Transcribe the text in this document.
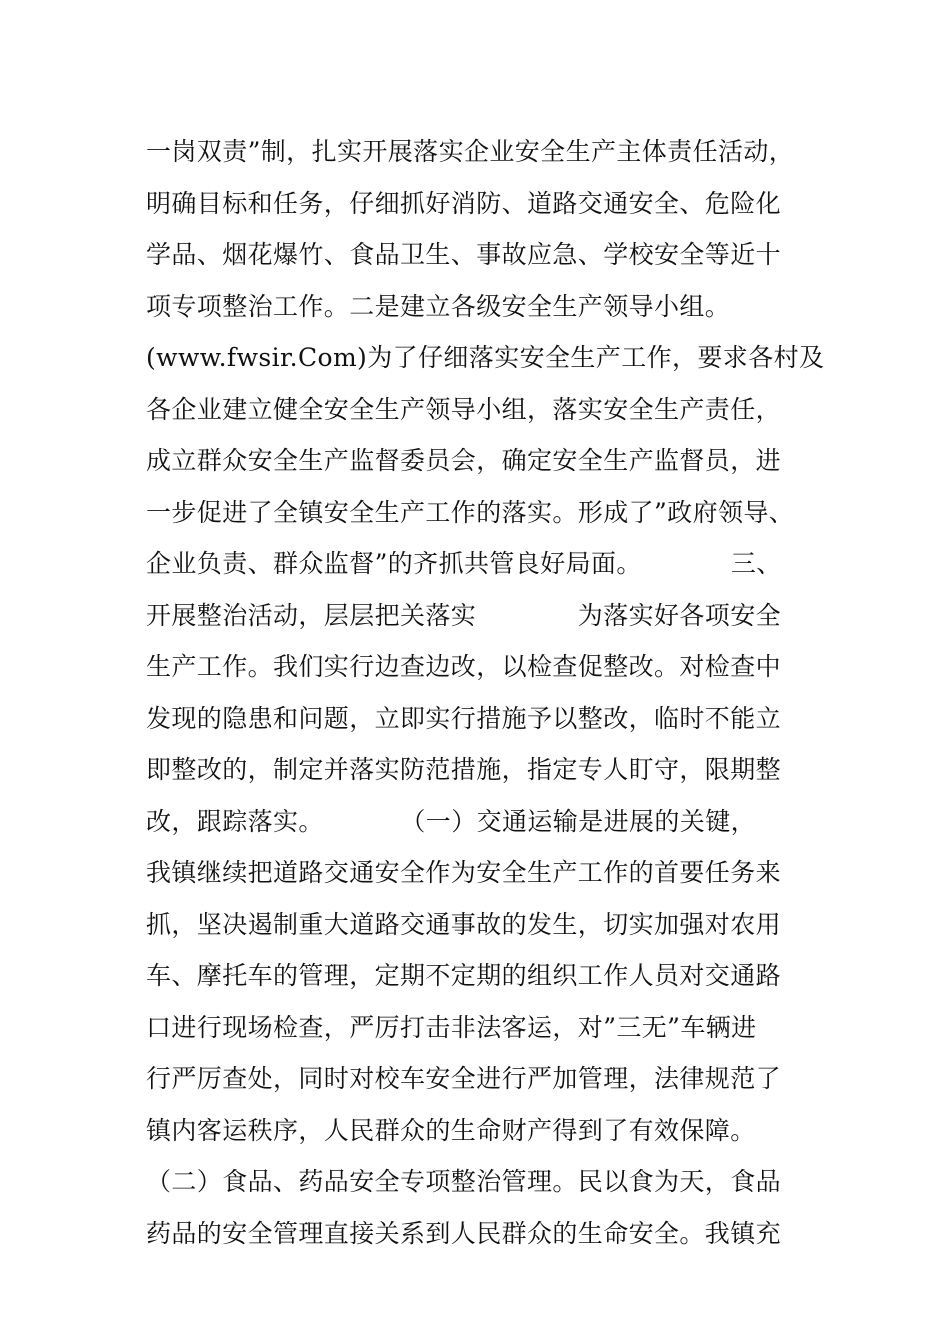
一岗双责”制，扎实开展落实企业安全生产主体责任活动，
明确目标和任务，仔细抓好消防、道路交通安全、危险化
学品、烟花爆竹、食品卫生、事故应急、学校安全等近十
项专项整治工作。二是建立各级安全生产领导小组。
(www.fwsir.Com)为了仔细落实安全生产工作，要求各村及
各企业建立健全安全生产领导小组，落实安全生产责任，
成立群众安全生产监督委员会，确定安全生产监督员，进
一步促进了全镇安全生产工作的落实。形成了”政府领导、
企业负责、群众监督”的齐抓共管良好局面。　　　　三、
开展整治活动，层层把关落实　　　　为落实好各项安全
生产工作。我们实行边查边改，以检查促整改。对检查中
发现的隐患和问题，立即实行措施予以整改，临时不能立
即整改的，制定并落实防范措施，指定专人盯守，限期整
改，跟踪落实。　　　　（一）交通运输是进展的关键，
我镇继续把道路交通安全作为安全生产工作的首要任务来
抓，坚决遏制重大道路交通事故的发生，切实加强对农用
车、摩托车的管理，定期不定期的组织工作人员对交通路
口进行现场检查，严厉打击非法客运，对”三无”车辆进
行严厉查处，同时对校车安全进行严加管理，法律规范了
镇内客运秩序，人民群众的生命财产得到了有效保障。
（二）食品、药品安全专项整治管理。民以食为天，食品
药品的安全管理直接关系到人民群众的生命安全。我镇充
